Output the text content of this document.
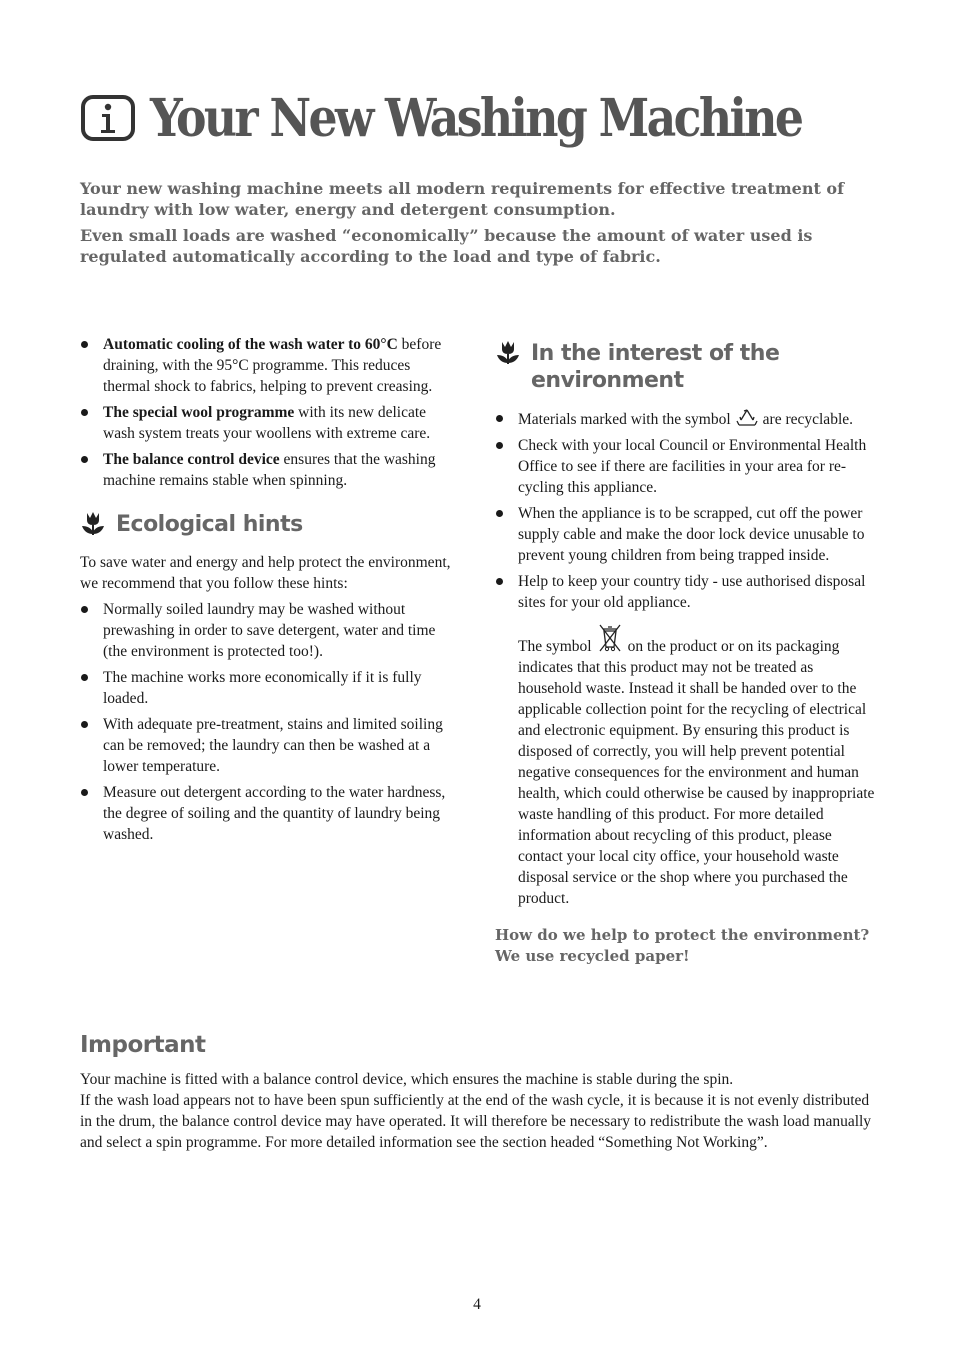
Your New Washing Machine

Your new washing machine meets all modern requirements for effective treatment of laundry with low water, energy and detergent consumption.

Even small loads are washed “economically” because the amount of water used is regulated automatically according to the load and type of fabric.

Automatic cooling of the wash water to 60°C before draining, with the 95°C programme. This reduces thermal shock to fabrics, helping to prevent creasing.
The special wool programme with its new delicate wash system treats your woollens with extreme care.
The balance control device ensures that the washing machine remains stable when spinning.
Ecological hints

To save water and energy and help protect the environment, we recommend that you follow these hints:

Normally soiled laundry may be washed without prewashing in order to save detergent, water and time (the environment is protected too!).
The machine works more economically if it is fully loaded.
With adequate pre-treatment, stains and limited soiling can be removed; the laundry can then be washed at a lower temperature.
Measure out detergent according to the water hardness, the degree of soiling and the quantity of laundry being washed.
In the interest of the
environment
Materials marked with the symbol are recyclable.
Check with your local Council or Environmental Health Office to see if there are facilities in your area for re-cycling this appliance.
When the appliance is to be scrapped, cut off the power supply cable and make the door lock device unusable to prevent young children from being trapped inside.
Help to keep your country tidy - use authorised disposal sites for your old appliance.
The symbol on the product or on its packaging indicates that this product may not be treated as household waste. Instead it shall be handed over to the applicable collection point for the recycling of electrical and electronic equipment. By ensuring this product is disposed of correctly, you will help prevent potential negative consequences for the environment and human health, which could otherwise be caused by inappropriate waste handling of this product. For more detailed information about recycling of this product, please contact your local city office, your household waste disposal service or the shop where you purchased the product.

How do we help to protect the environment?

We use recycled paper!

Important

Your machine is fitted with a balance control device, which ensures the machine is stable during the spin.

If the wash load appears not to have been spun sufficiently at the end of the wash cycle, it is because it is not evenly distributed in the drum, the balance control device may have operated. It will therefore be necessary to redistribute the wash load manually and select a spin programme. For more detailed information see the section headed “Something Not Working”.

4
